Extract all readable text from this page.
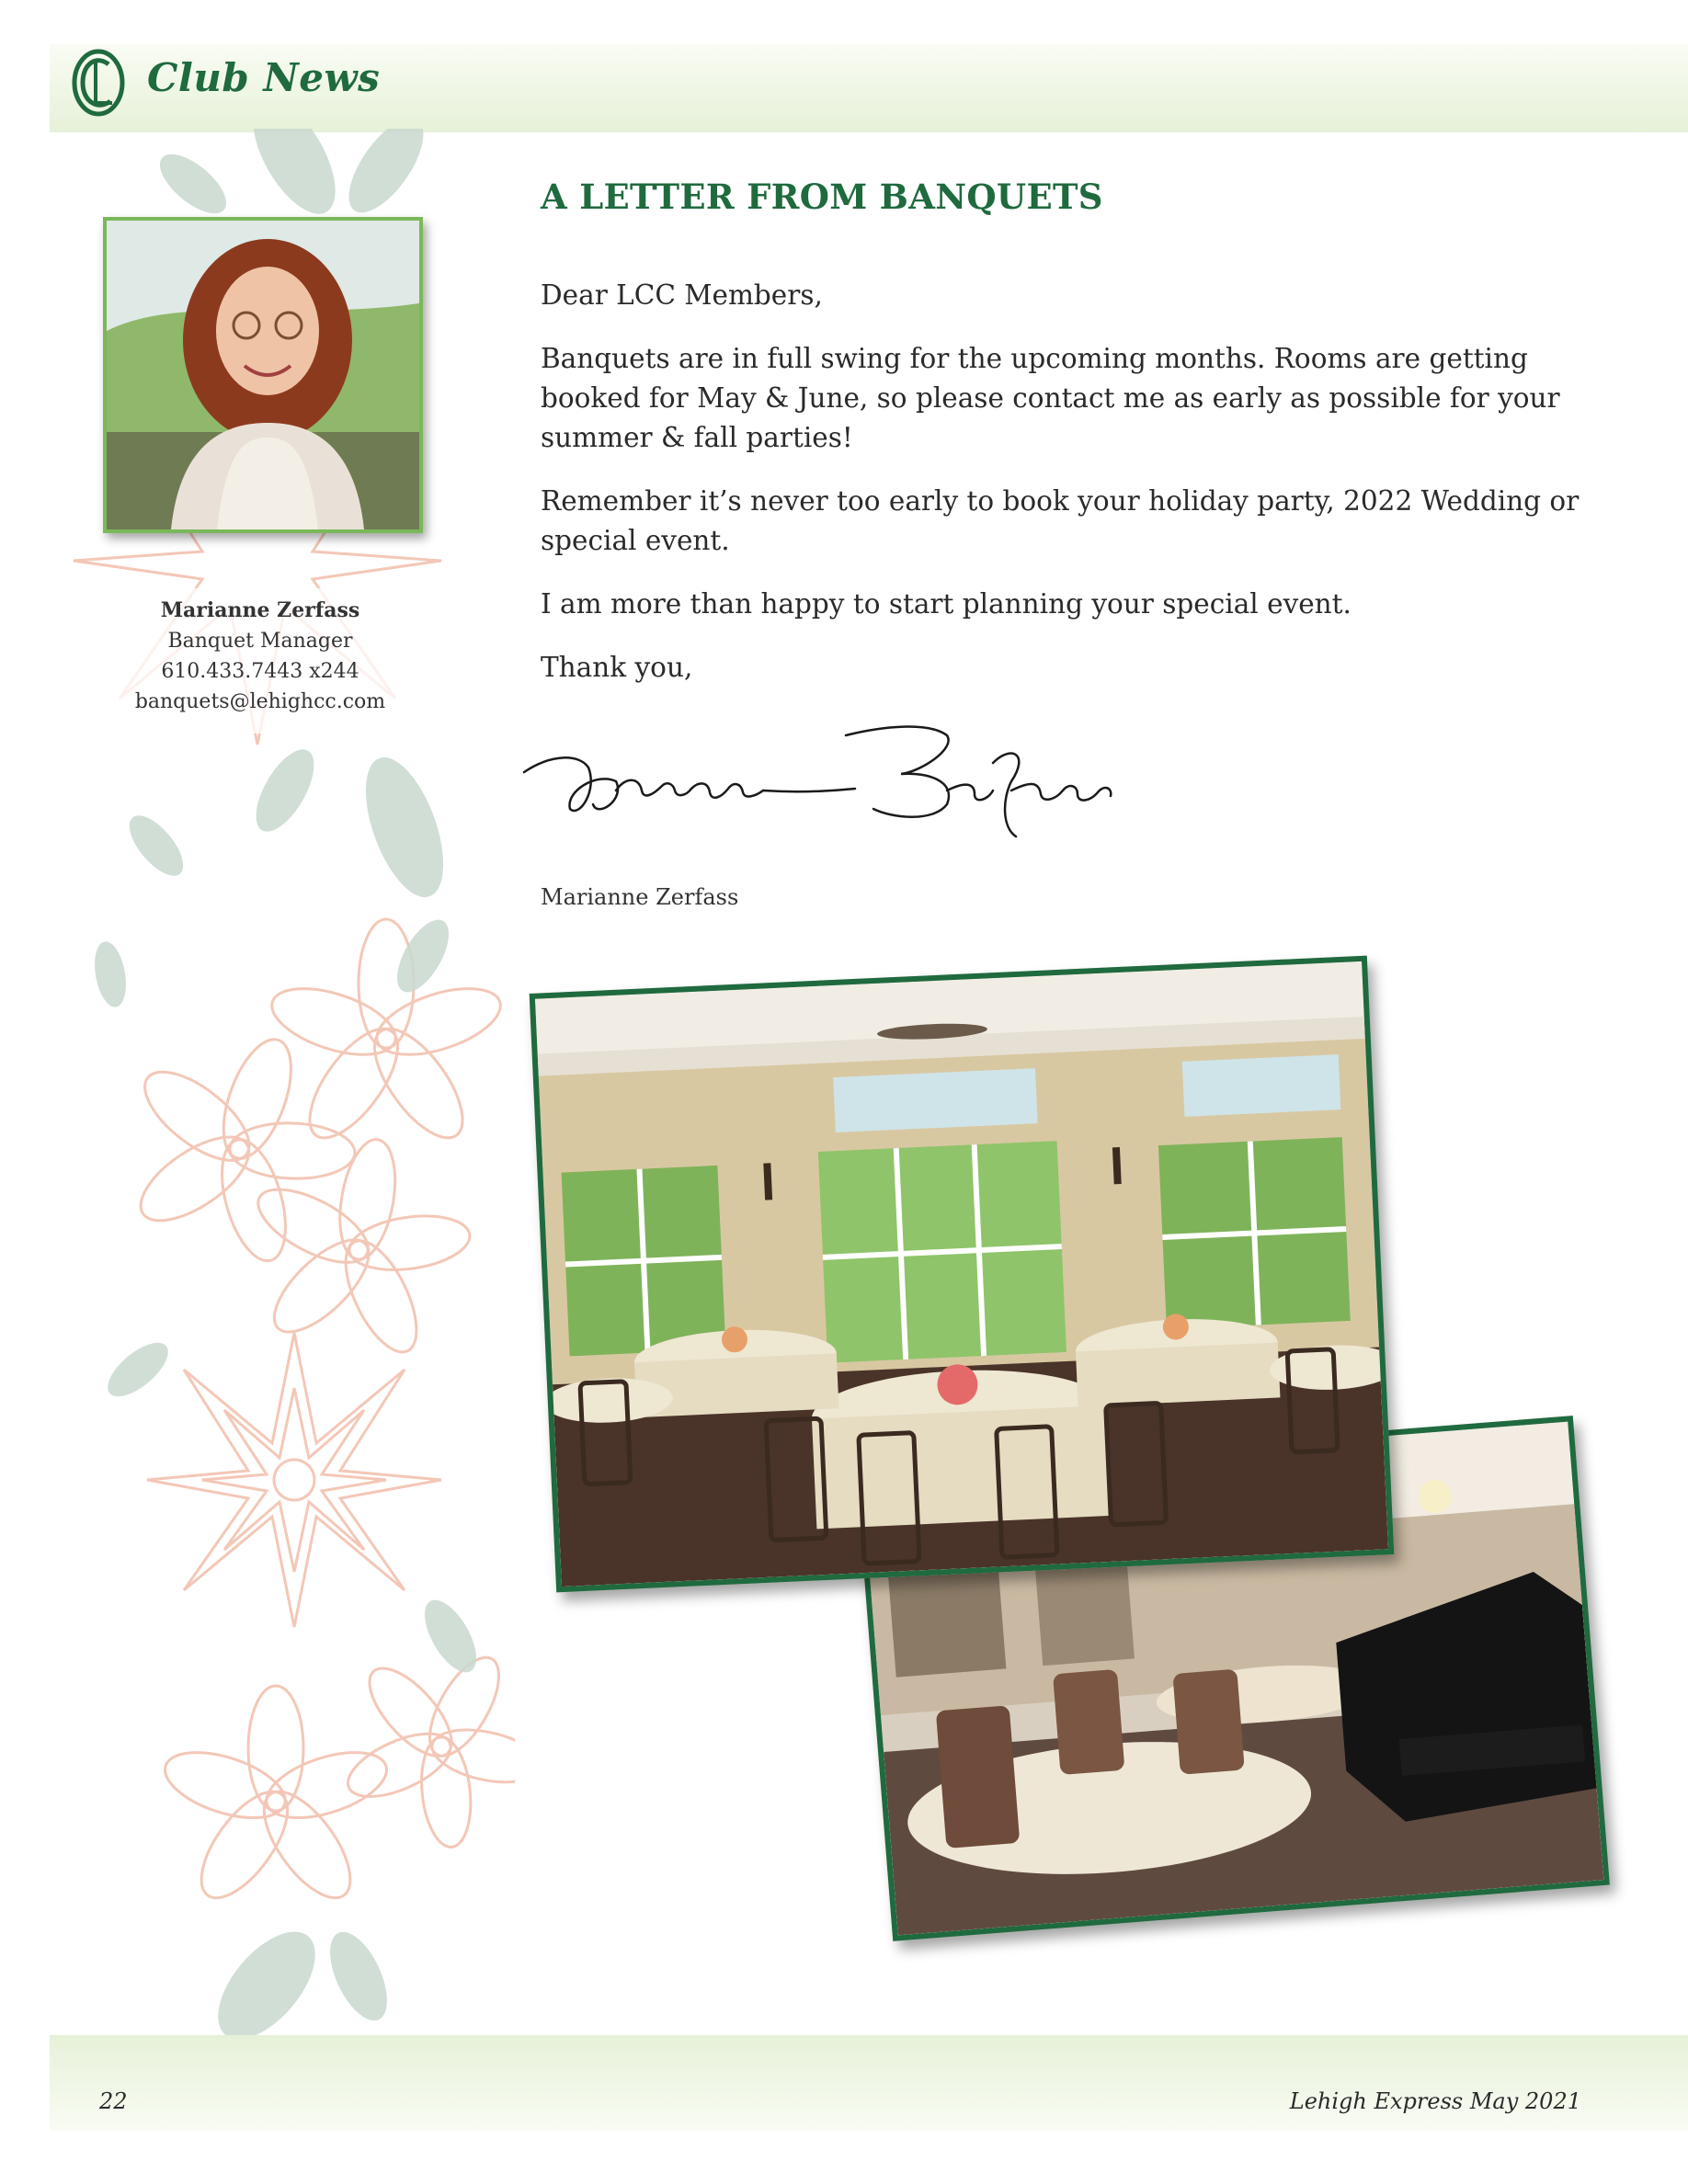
Club News
Marianne Zerfass
Banquet Manager
610.433.7443 x244
banquets@lehighcc.com
A LETTER FROM BANQUETS

Dear LCC Members,

Banquets are in full swing for the upcoming months. Rooms are getting booked for May & June, so please contact me as early as possible for your summer & fall parties!

Remember it’s never too early to book your holiday party, 2022 Wedding or special event.

I am more than happy to start planning your special event.

Thank you,

Marianne Zerfass
22	Lehigh Express May 2021
